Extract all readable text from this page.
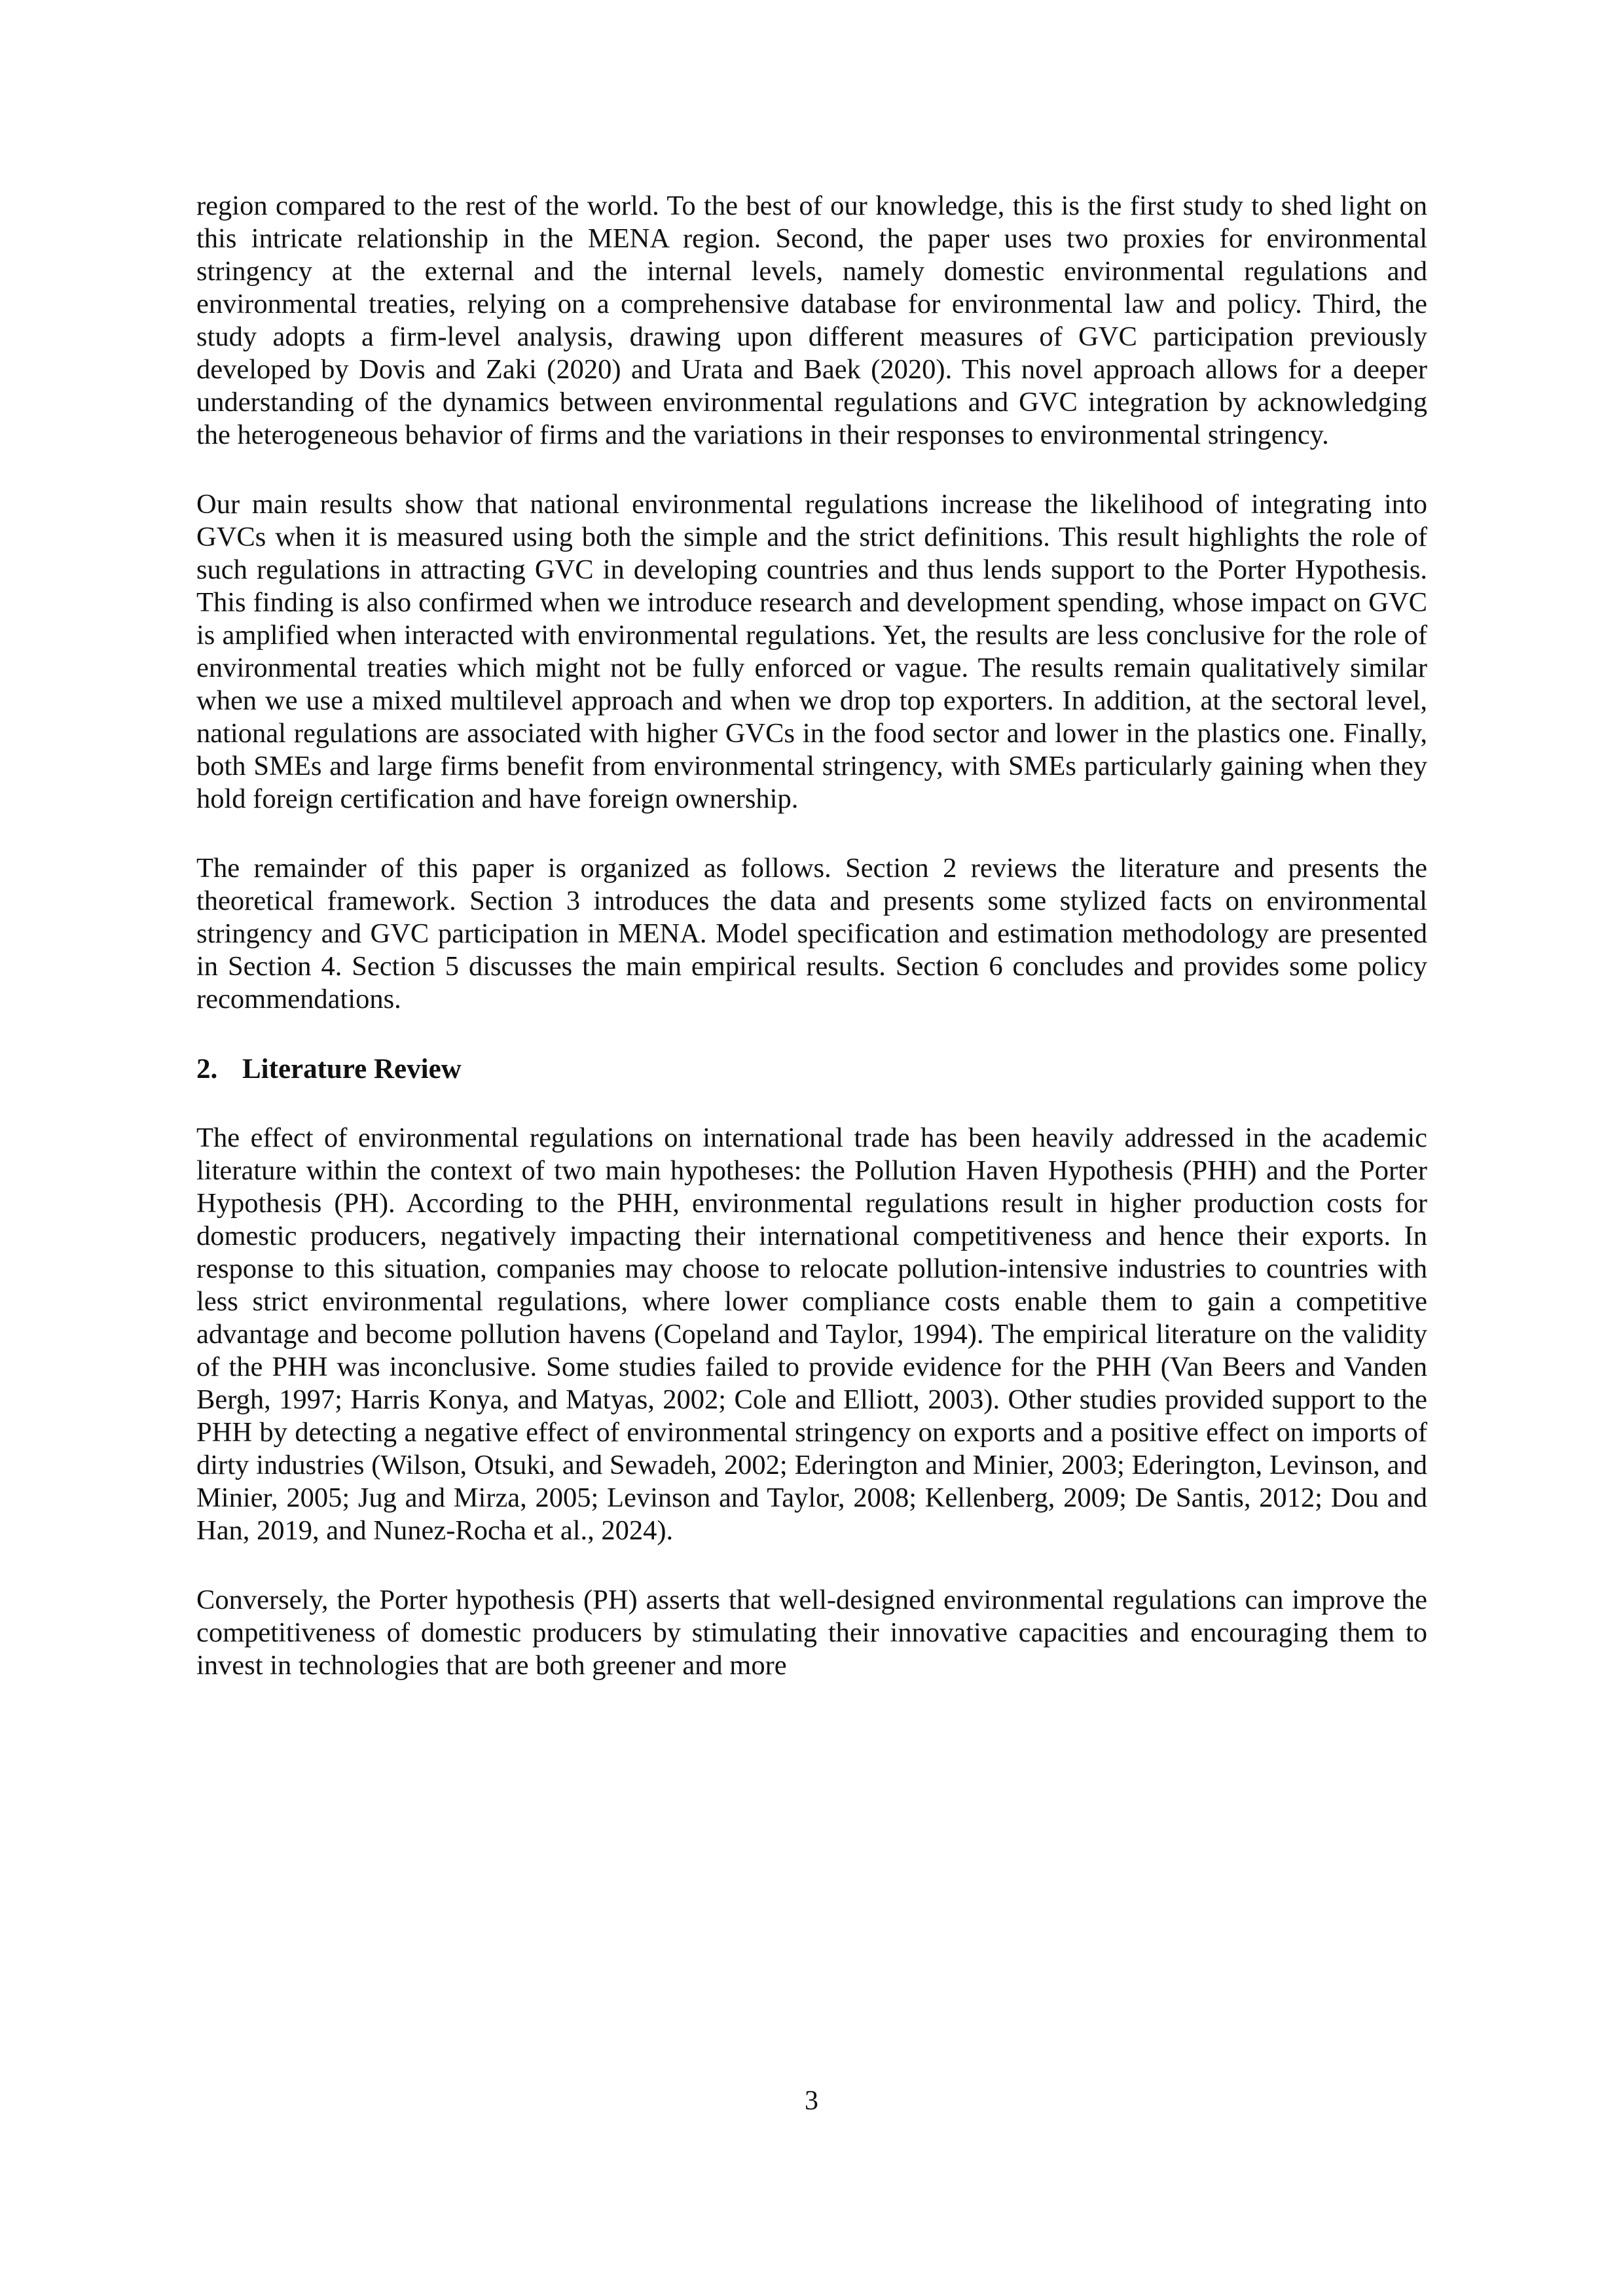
region compared to the rest of the world. To the best of our knowledge, this is the first study to shed light on this intricate relationship in the MENA region. Second, the paper uses two proxies for environmental stringency at the external and the internal levels, namely domestic environmental regulations and environmental treaties, relying on a comprehensive database for environmental law and policy. Third, the study adopts a firm-level analysis, drawing upon different measures of GVC participation previously developed by Dovis and Zaki (2020) and Urata and Baek (2020). This novel approach allows for a deeper understanding of the dynamics between environmental regulations and GVC integration by acknowledging the heterogeneous behavior of firms and the variations in their responses to environmental stringency.

Our main results show that national environmental regulations increase the likelihood of integrating into GVCs when it is measured using both the simple and the strict definitions. This result highlights the role of such regulations in attracting GVC in developing countries and thus lends support to the Porter Hypothesis. This finding is also confirmed when we introduce research and development spending, whose impact on GVC is amplified when interacted with environmental regulations. Yet, the results are less conclusive for the role of environmental treaties which might not be fully enforced or vague. The results remain qualitatively similar when we use a mixed multilevel approach and when we drop top exporters. In addition, at the sectoral level, national regulations are associated with higher GVCs in the food sector and lower in the plastics one. Finally, both SMEs and large firms benefit from environmental stringency, with SMEs particularly gaining when they hold foreign certification and have foreign ownership.

The remainder of this paper is organized as follows. Section 2 reviews the literature and presents the theoretical framework. Section 3 introduces the data and presents some stylized facts on environmental stringency and GVC participation in MENA. Model specification and estimation methodology are presented in Section 4. Section 5 discusses the main empirical results. Section 6 concludes and provides some policy recommendations.

2. Literature Review

The effect of environmental regulations on international trade has been heavily addressed in the academic literature within the context of two main hypotheses: the Pollution Haven Hypothesis (PHH) and the Porter Hypothesis (PH). According to the PHH, environmental regulations result in higher production costs for domestic producers, negatively impacting their international competitiveness and hence their exports. In response to this situation, companies may choose to relocate pollution-intensive industries to countries with less strict environmental regulations, where lower compliance costs enable them to gain a competitive advantage and become pollution havens (Copeland and Taylor, 1994). The empirical literature on the validity of the PHH was inconclusive. Some studies failed to provide evidence for the PHH (Van Beers and Vanden Bergh, 1997; Harris Konya, and Matyas, 2002; Cole and Elliott, 2003). Other studies provided support to the PHH by detecting a negative effect of environmental stringency on exports and a positive effect on imports of dirty industries (Wilson, Otsuki, and Sewadeh, 2002; Ederington and Minier, 2003; Ederington, Levinson, and Minier, 2005; Jug and Mirza, 2005; Levinson and Taylor, 2008; Kellenberg, 2009; De Santis, 2012; Dou and Han, 2019, and Nunez-Rocha et al., 2024).

Conversely, the Porter hypothesis (PH) asserts that well-designed environmental regulations can improve the competitiveness of domestic producers by stimulating their innovative capacities and encouraging them to invest in technologies that are both greener and more

3
